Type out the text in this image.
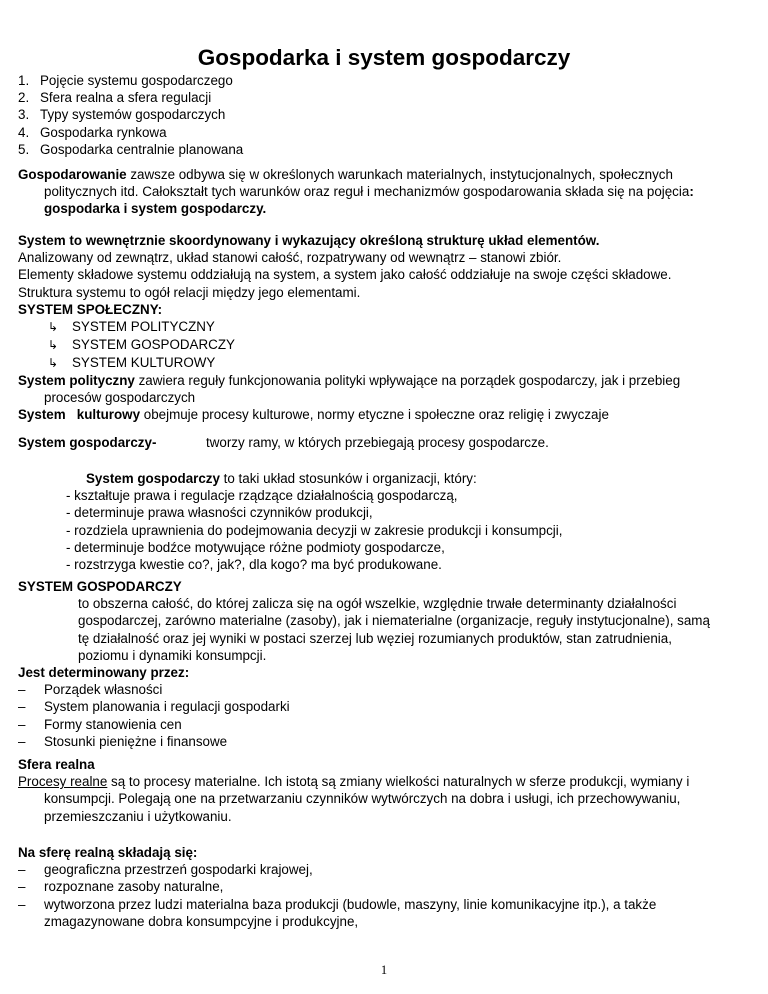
Gospodarka i system gospodarczy
1. Pojęcie systemu gospodarczego
2. Sfera realna a sfera regulacji
3. Typy systemów gospodarczych
4. Gospodarka rynkowa
5. Gospodarka centralnie planowana
Gospodarowanie zawsze odbywa się w określonych warunkach materialnych, instytucjonalnych, społecznych politycznych itd. Całokształt tych warunków oraz reguł i mechanizmów gospodarowania składa się na pojęcia: gospodarka i system gospodarczy.
System to wewnętrznie skoordynowany i wykazujący określoną strukturę układ elementów.
Analizowany od zewnątrz, układ stanowi całość, rozpatrywany od wewnątrz – stanowi zbiór.
Elementy składowe systemu oddziałują na system, a system jako całość oddziałuje na swoje części składowe.
Struktura systemu to ogół relacji między jego elementami.
SYSTEM SPOŁECZNY:
↳ SYSTEM POLITYCZNY
↳ SYSTEM GOSPODARCZY
↳ SYSTEM KULTUROWY
System polityczny zawiera reguły funkcjonowania polityki wpływające na porządek gospodarczy, jak i przebieg procesów gospodarczych
System   kulturowy obejmuje procesy kulturowe, normy etyczne i społeczne oraz religię i zwyczaje
System gospodarczy-	tworzy ramy, w których przebiegają procesy gospodarcze.
System gospodarczy to taki układ stosunków i organizacji, który:
- kształtuje prawa i regulacje rządzące działalnością gospodarczą,
- determinuje prawa własności czynników produkcji,
- rozdziela uprawnienia do podejmowania decyzji w zakresie produkcji i konsumpcji,
- determinuje bodźce motywujące różne podmioty gospodarcze,
- rozstrzyga kwestie co?, jak?, dla kogo? ma być produkowane.
SYSTEM GOSPODARCZY
to obszerna całość, do której zalicza się na ogół wszelkie, względnie trwałe determinanty działalności gospodarczej, zarówno materialne (zasoby), jak i niematerialne (organizacje, reguły instytucjonalne), samą tę działalność oraz jej wyniki w postaci szerzej lub węziej rozumianych produktów, stan zatrudnienia, poziomu i dynamiki konsumpcji.
Jest determinowany przez:
–	Porządek własności
–	System planowania i regulacji gospodarki
–	Formy stanowienia cen
–	Stosunki pieniężne i finansowe
Sfera realna
Procesy realne są to procesy materialne. Ich istotą są zmiany wielkości naturalnych w sferze produkcji, wymiany i konsumpcji. Polegają one na przetwarzaniu czynników wytwórczych na dobra i usługi, ich przechowywaniu, przemieszczaniu i użytkowaniu.
Na sferę realną składają się:
–	geograficzna przestrzeń gospodarki krajowej,
–	rozpoznane zasoby naturalne,
–	wytworzona przez ludzi materialna baza produkcji (budowle, maszyny, linie komunikacyjne itp.), a także zmagazynowane dobra konsumpcyjne i produkcyjne,
1
